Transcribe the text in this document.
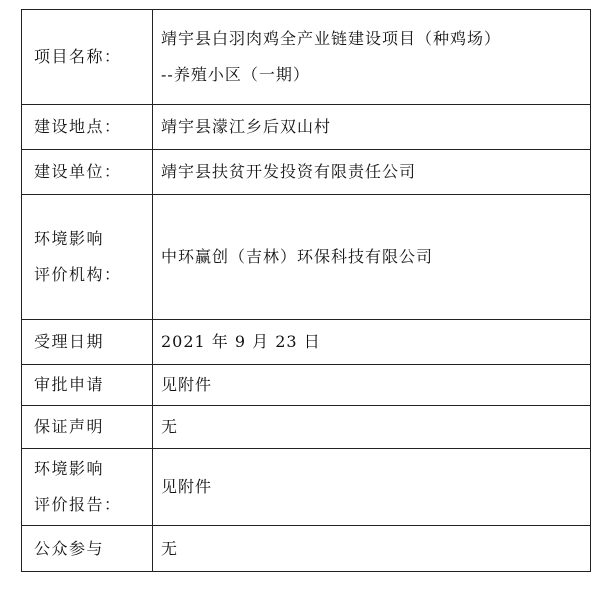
项目名称：	靖宇县白羽肉鸡全产业链建设项目（种鸡场）
--养殖小区（一期）

建设地点：	靖宇县濛江乡后双山村

建设单位：	靖宇县扶贫开发投资有限责任公司

环境影响
评价机构：	中环赢创（吉林）环保科技有限公司

受理日期	2021 年 9 月 23 日

审批申请	见附件

保证声明	无

环境影响
评价报告：	见附件

公众参与	无
